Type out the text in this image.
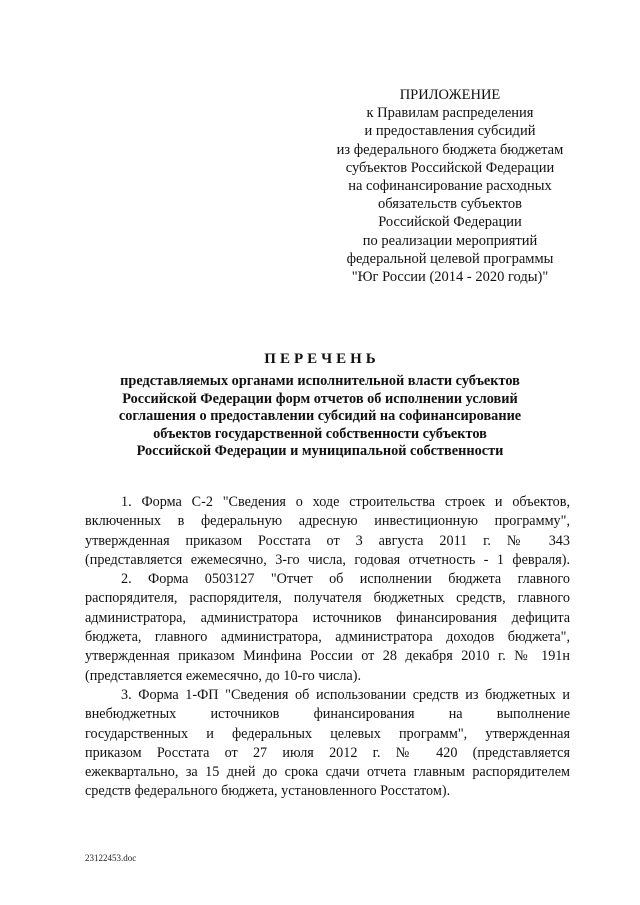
ПРИЛОЖЕНИЕ
к Правилам распределения
и предоставления субсидий
из федерального бюджета бюджетам
субъектов Российской Федерации
на софинансирование расходных
обязательств субъектов
Российской Федерации
по реализации мероприятий
федеральной целевой программы
"Юг России (2014 - 2020 годы)"
ПЕРЕЧЕНЬ
представляемых органами исполнительной власти субъектов
Российской Федерации форм отчетов об исполнении условий
соглашения о предоставлении субсидий на софинансирование
объектов государственной собственности субъектов
Российской Федерации и муниципальной собственности
1. Форма С-2 "Сведения о ходе строительства строек и объектов,
включенных в федеральную адресную инвестиционную программу",
утвержденная приказом Росстата от 3 августа 2011 г. № 343
(представляется ежемесячно, 3-го числа, годовая отчетность - 1 февраля).
2. Форма 0503127 "Отчет об исполнении бюджета главного
распорядителя, распорядителя, получателя бюджетных средств, главного
администратора, администратора источников финансирования дефицита
бюджета, главного администратора, администратора доходов бюджета",
утвержденная приказом Минфина России от 28 декабря 2010 г. № 191н
(представляется ежемесячно, до 10-го числа).
3. Форма 1-ФП "Сведения об использовании средств из бюджетных и
внебюджетных источников финансирования на выполнение
государственных и федеральных целевых программ", утвержденная
приказом Росстата от 27 июля 2012 г. № 420 (представляется
ежеквартально, за 15 дней до срока сдачи отчета главным распорядителем
средств федерального бюджета, установленного Росстатом).
23122453.doc
